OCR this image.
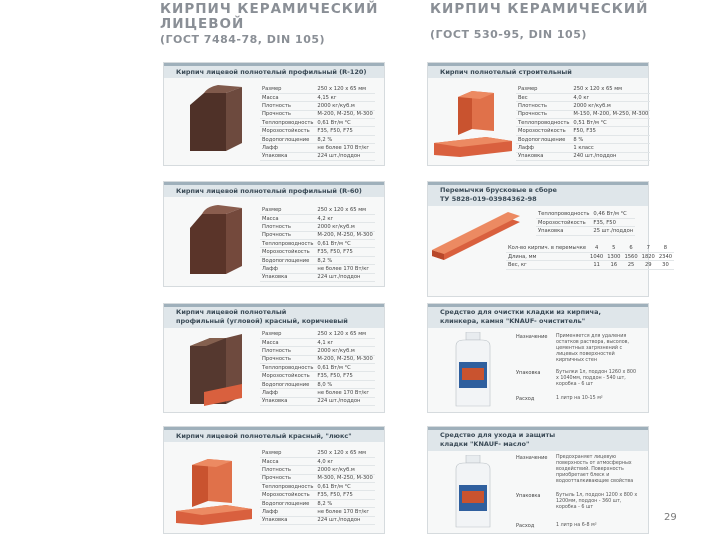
КИРПИЧ КЕРАМИЧЕСКИЙ
ЛИЦЕВОЙ
(ГОСТ 7484-78, DIN 105)
КИРПИЧ КЕРАМИЧЕСКИЙ
(ГОСТ 530-95, DIN 105)
Кирпич лицевой полнотелый профильный (R-120)
Размер	250 х 120 х 65 мм
Масса	4,15 кг
Плотность	2000 кг/куб.м
Прочность	М-200, М-250, М-300
Теплопроводность	0,61 Вт/м °С
Морозостойкость	F35, F50, F75
Водопоглощение	8,2 %
Лафф	не более 170 Вт/кг
Упаковка	224 шт./поддон
Кирпич лицевой полнотелый профильный (R-60)
Размер	250 х 120 х 65 мм
Масса	4,2 кг
Плотность	2000 кг/куб.м
Прочность	М-200, М-250, М-300
Теплопроводность	0,61 Вт/м °С
Морозостойкость	F35, F50, F75
Водопоглощение	8,2 %
Лафф	не более 170 Вт/кг
Упаковка	224 шт./поддон
Кирпич лицевой полнотелый
профильный (угловой) красный, коричневый
Размер	250 х 120 х 65 мм
Масса	4,1 кг
Плотность	2000 кг/куб.м
Прочность	М-200, М-250, М-300
Теплопроводность	0,61 Вт/м °С
Морозостойкость	F35, F50, F75
Водопоглощение	8,0 %
Лафф	не более 170 Вт/кг
Упаковка	224 шт./поддон
Кирпич лицевой полнотелый красный, "люкс"
Размер	250 х 120 х 65 мм
Масса	4,0 кг
Плотность	2000 кг/куб.м
Прочность	М-300, М-250, М-300
Теплопроводность	0,61 Вт/м °С
Морозостойкость	F35, F50, F75
Водопоглощение	8,2 %
Лафф	не более 170 Вт/кг
Упаковка	224 шт./поддон
Кирпич полнотелый строительный
Размер	250 х 120 х 65 мм
Вес	4,0 кг
Плотность	2000 кг/куб.м
Прочность	М-150, М-200, М-250, М-300
Теплопроводность	0,51 Вт/м °С
Морозостойкость	F50, F35
Водопоглощение	8 %
Лафф	1 класс
Упаковка	240 шт./поддон
Перемычки брусковые в сборе
ТУ 5828-019-03984362-98
Теплопроводность	0,46 Вт/м °С
Морозостойкость	F35, F50
Упаковка	25 шт./поддон
Кол-во кирпич. в перемычке	4	5	6	7	8
Длина, мм	1040	1300	1560	1820	2340
Вес, кг	11	16	25	29	30
Средство для очистки кладки из кирпича,
клинкера, камня "KNAUF- очиститель"
Назначение Применяется для удаления остатков раствора, высолов, цементных загрязнений с лицевых поверхностей кирпичных стен
Упаковка	Бутылки 1л, поддон 1260 х 800 х 1040мм, поддон - 540 шт, коробка - 6 шт
Расход	1 литр на 10-15 м²
Средство для ухода и защиты
кладки "KNAUF- масло"
Назначение Предохраняет лицевую поверхность от атмосферных воздействий. Поверхность приобретает блеск и водоотталкивающие свойства
Упаковка	Бутыль 1л, поддон 1200 х 800 х 1200мм, поддон - 360 шт, коробка - 6 шт
Расход	1 литр на 6-8 м²
29
